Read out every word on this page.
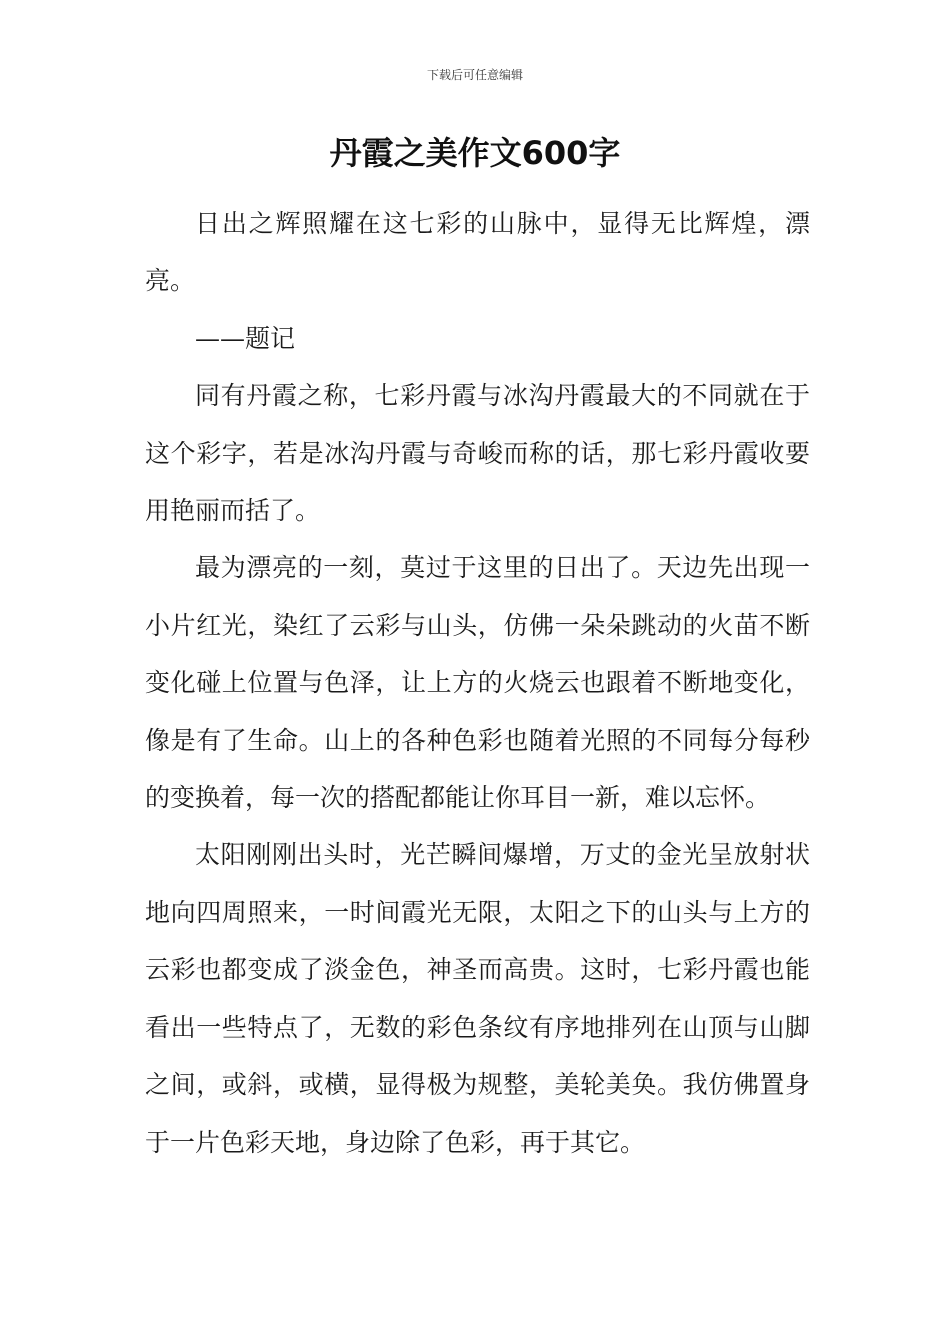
下载后可任意编辑
丹霞之美作文600字

日出之辉照耀在这七彩的山脉中，显得无比辉煌，漂亮。

——题记

同有丹霞之称，七彩丹霞与冰沟丹霞最大的不同就在于这个彩字，若是冰沟丹霞与奇峻而称的话，那七彩丹霞收要用艳丽而括了。

最为漂亮的一刻，莫过于这里的日出了。天边先出现一小片红光，染红了云彩与山头，仿佛一朵朵跳动的火苗不断变化碰上位置与色泽，让上方的火烧云也跟着不断地变化，像是有了生命。山上的各种色彩也随着光照的不同每分每秒的变换着，每一次的搭配都能让你耳目一新，难以忘怀。

太阳刚刚出头时，光芒瞬间爆增，万丈的金光呈放射状地向四周照来，一时间霞光无限，太阳之下的山头与上方的云彩也都变成了淡金色，神圣而高贵。这时，七彩丹霞也能看出一些特点了，无数的彩色条纹有序地排列在山顶与山脚之间，或斜，或横，显得极为规整，美轮美奂。我仿佛置身于一片色彩天地，身边除了色彩，再于其它。
